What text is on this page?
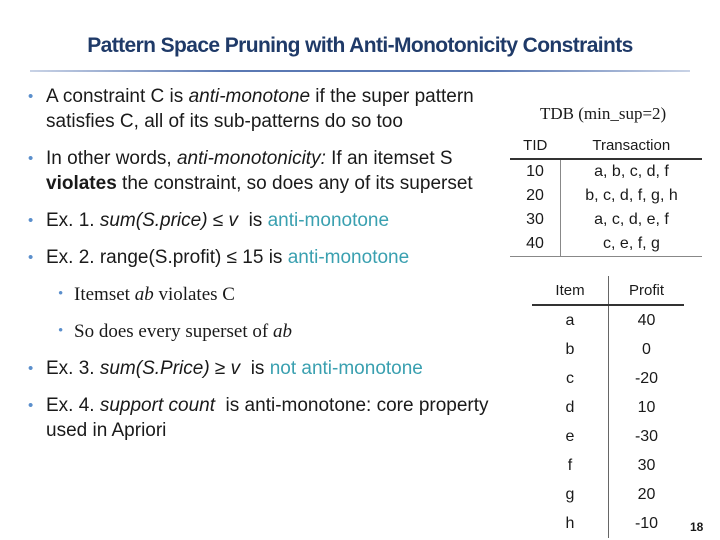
Pattern Space Pruning with Anti-Monotonicity Constraints
• A constraint C is anti-monotone if the super pattern satisfies C, all of its sub-patterns do so too
• In other words, anti-monotonicity: If an itemset S violates the constraint, so does any of its superset
• Ex. 1. sum(S.price) ≤ v  is anti-monotone
• Ex. 2. range(S.profit) ≤ 15 is anti-monotone
• Itemset ab violates C
• So does every superset of ab
• Ex. 3. sum(S.Price) ≥ v  is not anti-monotone
• Ex. 4. support count  is anti-monotone: core property used in Apriori
TDB (min_sup=2)
TID	Transaction
10	a, b, c, d, f
20	b, c, d, f, g, h
30	a, c, d, e, f
40	c, e, f, g
Item	Profit
a	40
b	0
c	-20
d	10
e	-30
f	30
g	20
h	-10	18
